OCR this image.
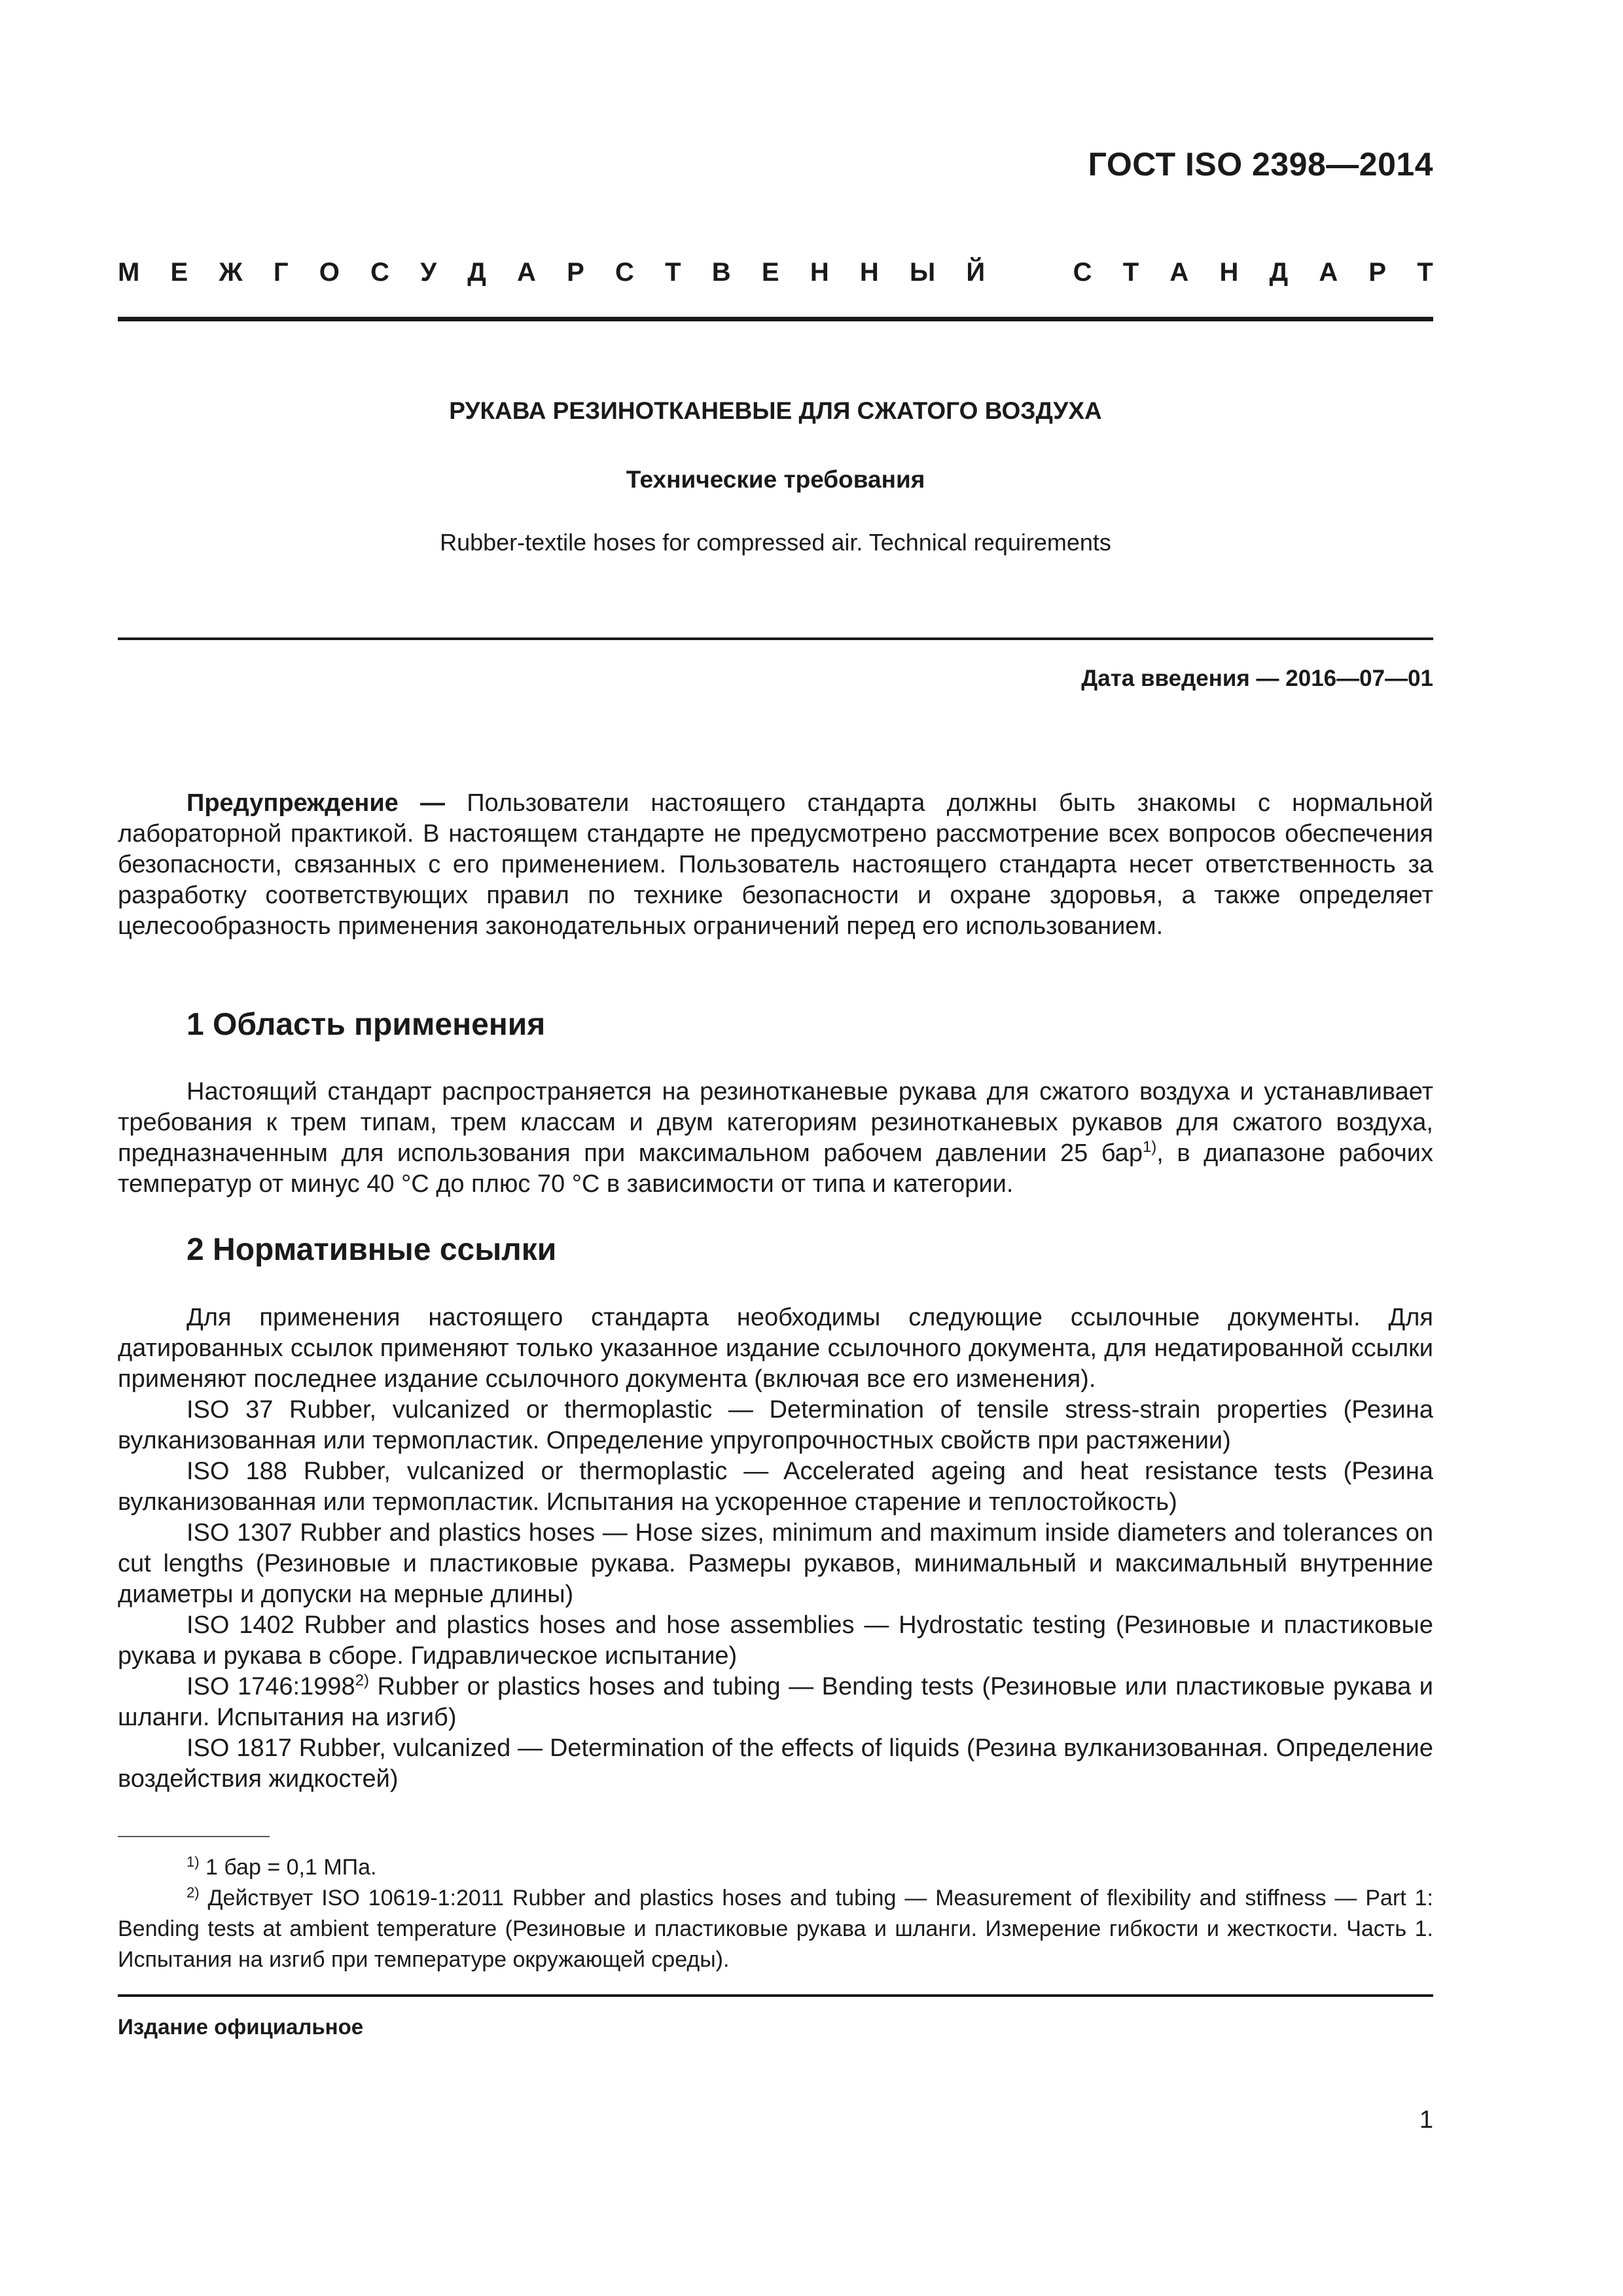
ГОСТ ISO 2398—2014
М Е Ж Г О С У Д А Р С Т В Е Н Н Ы Й	С Т А Н Д А Р Т
РУКАВА РЕЗИНОТКАНЕВЫЕ ДЛЯ СЖАТОГО ВОЗДУХА
Технические требования
Rubber-textile hoses for compressed air. Technical requirements
Дата введения — 2016—07—01

Предупреждение — Пользователи настоящего стандарта должны быть знакомы с нормальной лабораторной практикой. В настоящем стандарте не предусмотрено рассмотрение всех вопросов обеспечения безопасности, связанных с его применением. Пользователь настоящего стандарта несет ответственность за разработку соответствующих правил по технике безопасности и охране здоровья, а также определяет целесообразность применения законодательных ограничений перед его использованием.

1 Область применения

Настоящий стандарт распространяется на резинотканевые рукава для сжатого воздуха и устанавливает требования к трем типам, трем классам и двум категориям резинотканевых рукавов для сжатого воздуха, предназначенным для использования при максимальном рабочем давлении 25 бар$^{1)}$, в диапазоне рабочих температур от минус 40 °C до плюс 70 °C в зависимости от типа и категории.

2 Нормативные ссылки

Для применения настоящего стандарта необходимы следующие ссылочные документы. Для датированных ссылок применяют только указанное издание ссылочного документа, для недатированной ссылки применяют последнее издание ссылочного документа (включая все его изменения).

ISO 37 Rubber, vulcanized or thermoplastic — Determination of tensile stress-strain properties (Резина вулканизованная или термопластик. Определение упругопрочностных свойств при растяжении)
ISO 188 Rubber, vulcanized or thermoplastic — Accelerated ageing and heat resistance tests (Резина вулканизованная или термопластик. Испытания на ускоренное старение и теплостойкость)
ISO 1307 Rubber and plastics hoses — Hose sizes, minimum and maximum inside diameters and tolerances on cut lengths (Резиновые и пластиковые рукава. Размеры рукавов, минимальный и максимальный внутренние диаметры и допуски на мерные длины)
ISO 1402 Rubber and plastics hoses and hose assemblies — Hydrostatic testing (Резиновые и пластиковые рукава и рукава в сборе. Гидравлическое испытание)
ISO 1746:1998$^{2)}$ Rubber or plastics hoses and tubing — Bending tests (Резиновые или пластиковые рукава и шланги. Испытания на изгиб)
ISO 1817 Rubber, vulcanized — Determination of the effects of liquids (Резина вулканизованная. Определение воздействия жидкостей)
$^{1)}$ 1 бар = 0,1 МПа.
$^{2)}$ Действует ISO 10619-1:2011 Rubber and plastics hoses and tubing — Measurement of flexibility and stiffness — Part 1: Bending tests at ambient temperature (Резиновые и пластиковые рукава и шланги. Измерение гибкости и жесткости. Часть 1. Испытания на изгиб при температуре окружающей среды).
Издание официальное
1
